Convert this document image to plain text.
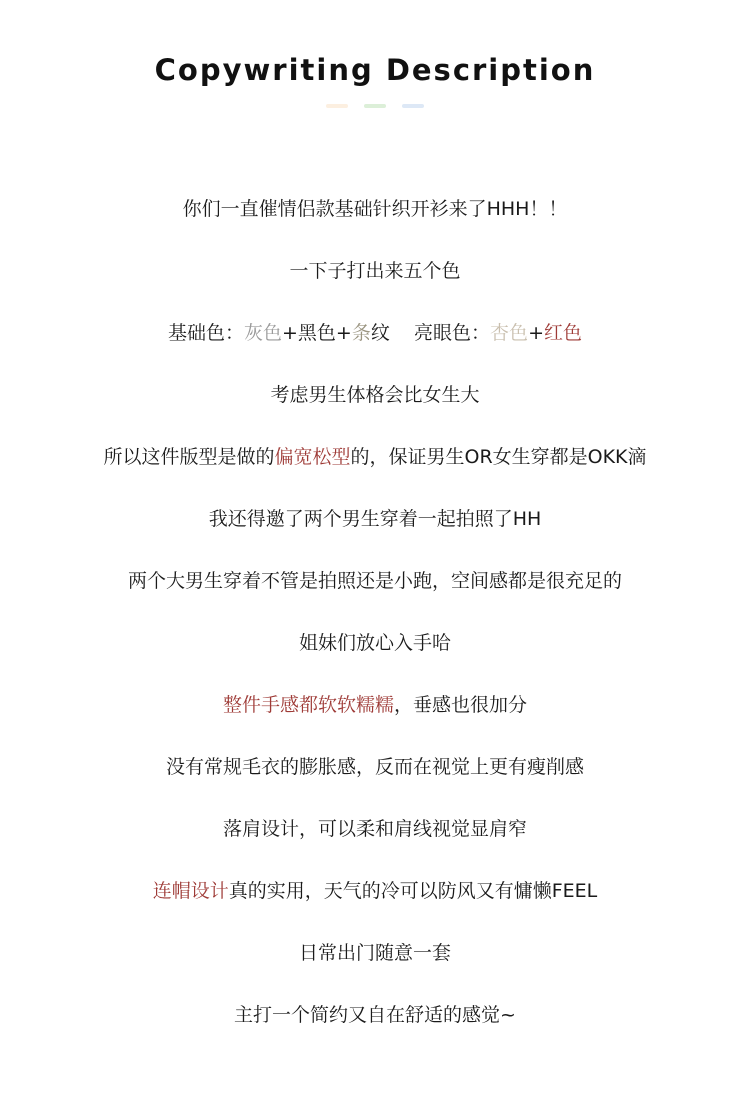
Copywriting Description
你们一直催情侣款基础针织开衫来了HHH！！
一下子打出来五个色
基础色：灰色+黑色+条纹    亮眼色：杏色+红色
考虑男生体格会比女生大
所以这件版型是做的偏宽松型的，保证男生OR女生穿都是OKK滴
我还得邀了两个男生穿着一起拍照了HH
两个大男生穿着不管是拍照还是小跑，空间感都是很充足的
姐妹们放心入手哈
整件手感都软软糯糯，垂感也很加分
没有常规毛衣的膨胀感，反而在视觉上更有瘦削感
落肩设计，可以柔和肩线视觉显肩窄
连帽设计真的实用，天气的冷可以防风又有慵懒FEEL
日常出门随意一套
主打一个简约又自在舒适的感觉~
